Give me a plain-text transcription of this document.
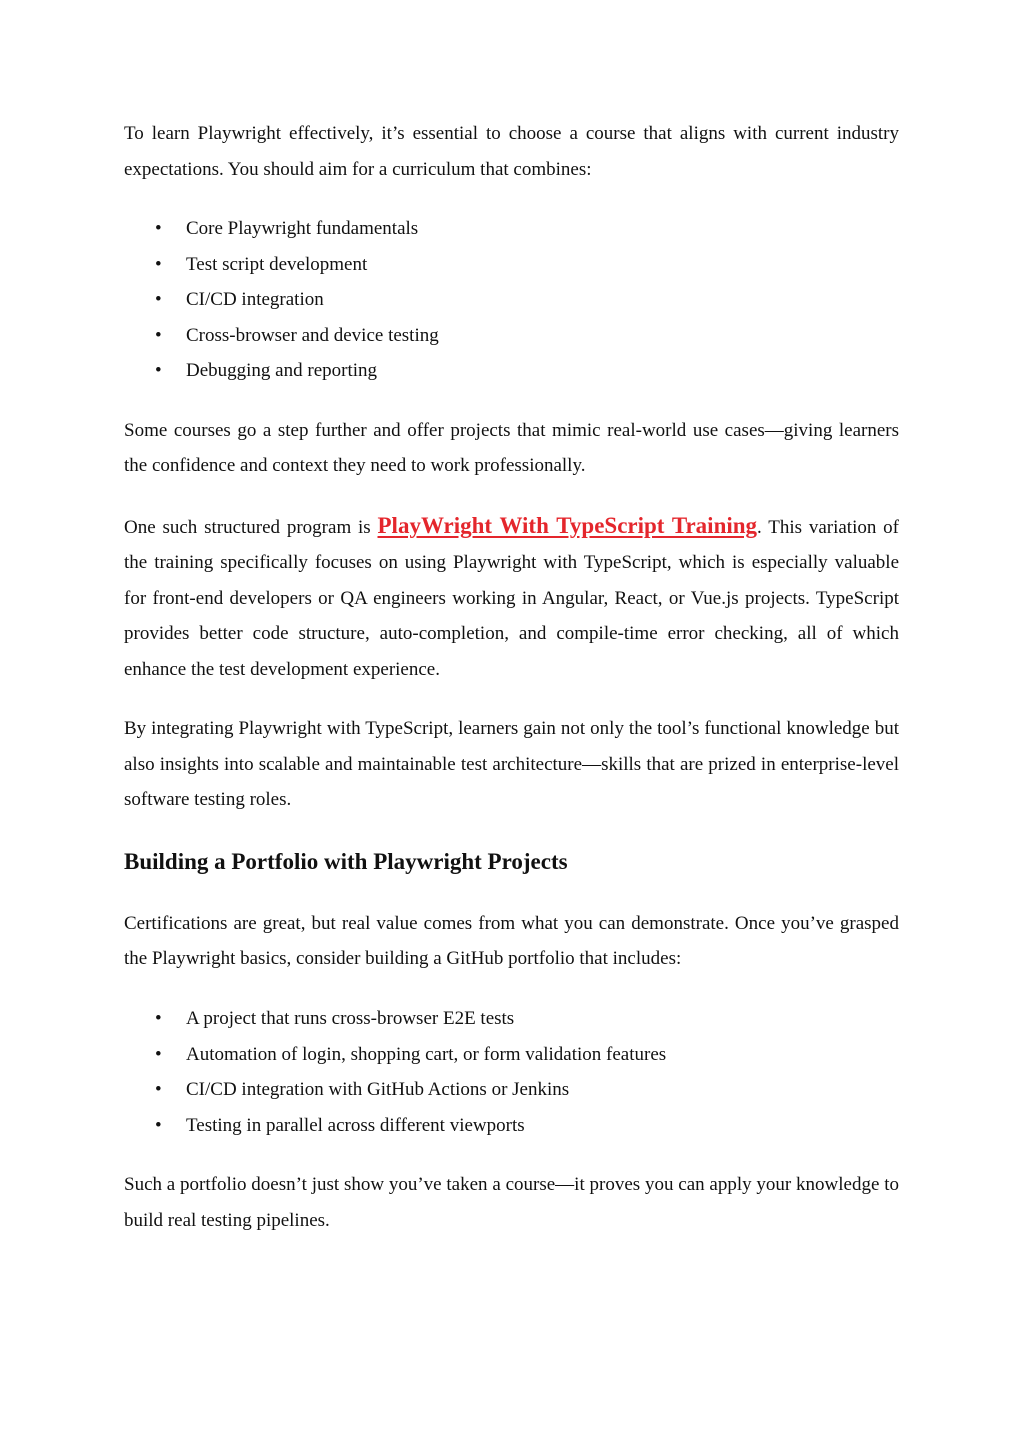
To learn Playwright effectively, it’s essential to choose a course that aligns with current industry expectations. You should aim for a curriculum that combines:

• Core Playwright fundamentals
• Test script development
• CI/CD integration
• Cross-browser and device testing
• Debugging and reporting

Some courses go a step further and offer projects that mimic real-world use cases—giving learners the confidence and context they need to work professionally.

One such structured program is PlayWright With TypeScript Training. This variation of the training specifically focuses on using Playwright with TypeScript, which is especially valuable for front-end developers or QA engineers working in Angular, React, or Vue.js projects. TypeScript provides better code structure, auto-completion, and compile-time error checking, all of which enhance the test development experience.

By integrating Playwright with TypeScript, learners gain not only the tool’s functional knowledge but also insights into scalable and maintainable test architecture—skills that are prized in enterprise-level software testing roles.

Building a Portfolio with Playwright Projects

Certifications are great, but real value comes from what you can demonstrate. Once you’ve grasped the Playwright basics, consider building a GitHub portfolio that includes:

• A project that runs cross-browser E2E tests
• Automation of login, shopping cart, or form validation features
• CI/CD integration with GitHub Actions or Jenkins
• Testing in parallel across different viewports

Such a portfolio doesn’t just show you’ve taken a course—it proves you can apply your knowledge to build real testing pipelines.
